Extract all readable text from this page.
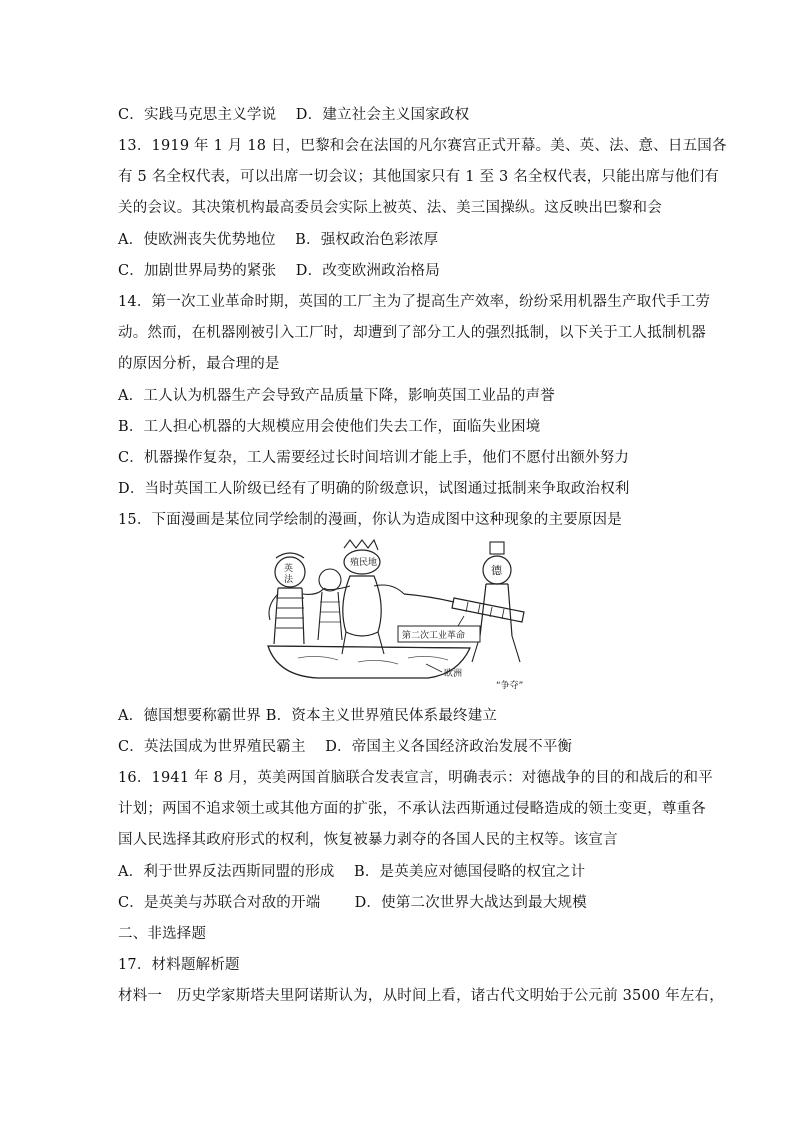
C．实践马克思主义学说　 D．建立社会主义国家政权
13．1919 年 1 月 18 日，巴黎和会在法国的凡尔赛宫正式开幕。美、英、法、意、日五国各
有 5 名全权代表，可以出席一切会议；其他国家只有 1 至 3 名全权代表，只能出席与他们有
关的会议。其决策机构最高委员会实际上被英、法、美三国操纵。这反映出巴黎和会
A．使欧洲丧失优势地位　 B．强权政治色彩浓厚
C．加剧世界局势的紧张　 D．改变欧洲政治格局
14．第一次工业革命时期，英国的工厂主为了提高生产效率，纷纷采用机器生产取代手工劳
动。然而，在机器刚被引入工厂时，却遭到了部分工人的强烈抵制，以下关于工人抵制机器
的原因分析，最合理的是
A．工人认为机器生产会导致产品质量下降，影响英国工业品的声誉
B．工人担心机器的大规模应用会使他们失去工作，面临失业困境
C．机器操作复杂，工人需要经过长时间培训才能上手，他们不愿付出额外努力
D．当时英国工人阶级已经有了明确的阶级意识，试图通过抵制来争取政治权利
15．下面漫画是某位同学绘制的漫画，你认为造成图中这种现象的主要原因是
英
法
殖民地
德
第二次工业革命
欧洲
“争夺”
A．德国想要称霸世界 B．资本主义世界殖民体系最终建立
C．英法国成为世界殖民霸主　 D．帝国主义各国经济政治发展不平衡
16．1941 年 8 月，英美两国首脑联合发表宣言，明确表示：对德战争的目的和战后的和平
计划；两国不追求领土或其他方面的扩张，不承认法西斯通过侵略造成的领土变更，尊重各
国人民选择其政府形式的权利，恢复被暴力剥夺的各国人民的主权等。该宣言
A．利于世界反法西斯同盟的形成　 B．是英美应对德国侵略的权宜之计
C．是英美与苏联合对敌的开端　　 D．使第二次世界大战达到最大规模
二、非选择题
17．材料题解析题
材料一　历史学家斯塔夫里阿诺斯认为，从时间上看，诸古代文明始于公元前 3500 年左右，
